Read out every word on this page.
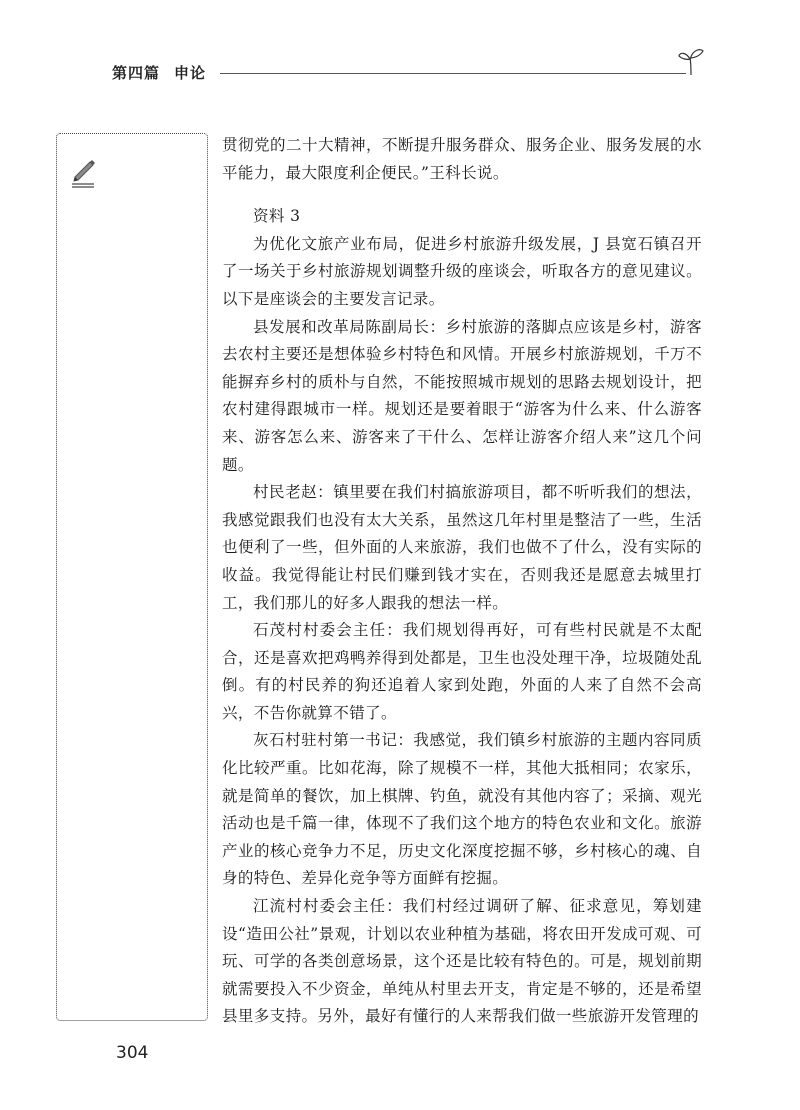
第四篇 申论

贯彻党的二十大精神，不断提升服务群众、服务企业、服务发展的水平能力，最大限度利企便民。”王科长说。

资料 3

为优化文旅产业布局，促进乡村旅游升级发展，J 县宽石镇召开了一场关于乡村旅游规划调整升级的座谈会，听取各方的意见建议。以下是座谈会的主要发言记录。

县发展和改革局陈副局长：乡村旅游的落脚点应该是乡村，游客去农村主要还是想体验乡村特色和风情。开展乡村旅游规划，千万不能摒弃乡村的质朴与自然，不能按照城市规划的思路去规划设计，把农村建得跟城市一样。规划还是要着眼于“游客为什么来、什么游客来、游客怎么来、游客来了干什么、怎样让游客介绍人来”这几个问题。

村民老赵：镇里要在我们村搞旅游项目，都不听听我们的想法，我感觉跟我们也没有太大关系，虽然这几年村里是整洁了一些，生活也便利了一些，但外面的人来旅游，我们也做不了什么，没有实际的收益。我觉得能让村民们赚到钱才实在，否则我还是愿意去城里打工，我们那儿的好多人跟我的想法一样。

石茂村村委会主任：我们规划得再好，可有些村民就是不太配合，还是喜欢把鸡鸭养得到处都是，卫生也没处理干净，垃圾随处乱倒。有的村民养的狗还追着人家到处跑，外面的人来了自然不会高兴，不告你就算不错了。

灰石村驻村第一书记：我感觉，我们镇乡村旅游的主题内容同质化比较严重。比如花海，除了规模不一样，其他大抵相同；农家乐，就是简单的餐饮，加上棋牌、钓鱼，就没有其他内容了；采摘、观光活动也是千篇一律，体现不了我们这个地方的特色农业和文化。旅游产业的核心竞争力不足，历史文化深度挖掘不够，乡村核心的魂、自身的特色、差异化竞争等方面鲜有挖掘。

江流村村委会主任：我们村经过调研了解、征求意见，筹划建设“造田公社”景观，计划以农业种植为基础，将农田开发成可观、可玩、可学的各类创意场景，这个还是比较有特色的。可是，规划前期就需要投入不少资金，单纯从村里去开支，肯定是不够的，还是希望县里多支持。另外，最好有懂行的人来帮我们做一些旅游开发管理的

304
